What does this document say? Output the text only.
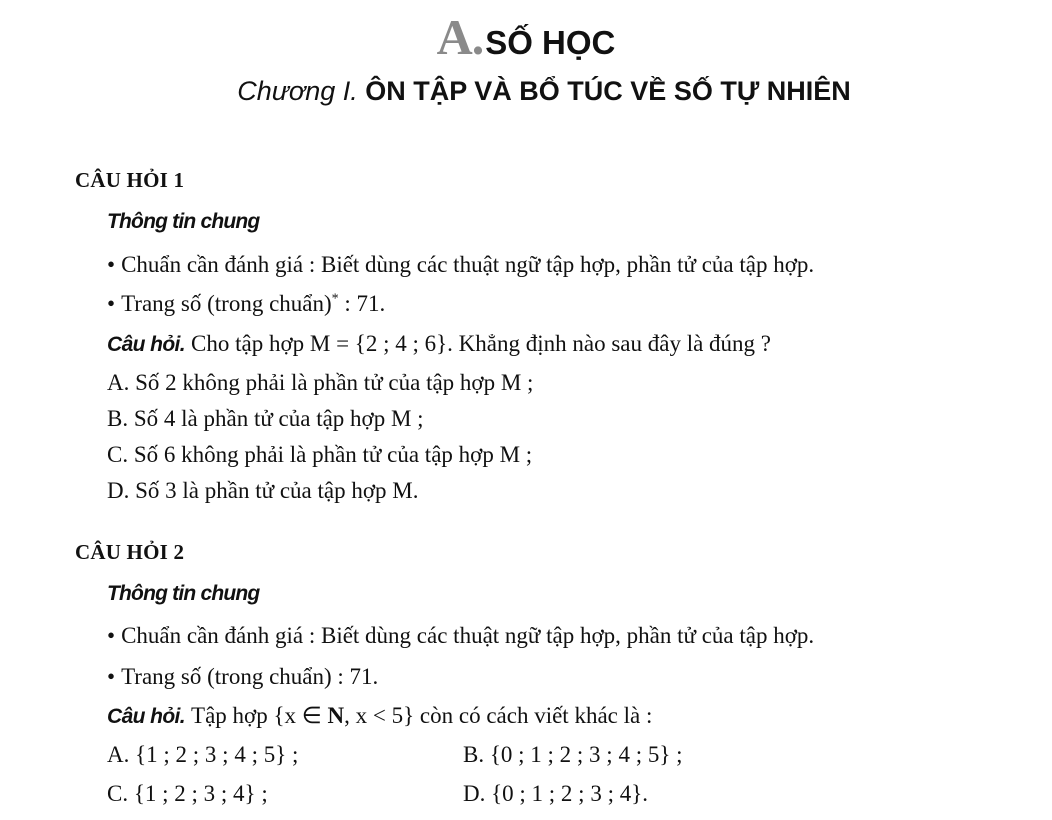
A.SỐ HỌC
Chương I. ÔN TẬP VÀ BỔ TÚC VỀ SỐ TỰ NHIÊN
CÂU HỎI 1
Thông tin chung
• Chuẩn cần đánh giá : Biết dùng các thuật ngữ tập hợp, phần tử của tập hợp.
• Trang số (trong chuẩn)* : 71.
Câu hỏi. Cho tập hợp M = {2 ; 4 ; 6}. Khẳng định nào sau đây là đúng ?
A. Số 2 không phải là phần tử của tập hợp M ;
B. Số 4 là phần tử của tập hợp M ;
C. Số 6 không phải là phần tử của tập hợp M ;
D. Số 3 là phần tử của tập hợp M.
CÂU HỎI 2
Thông tin chung
• Chuẩn cần đánh giá : Biết dùng các thuật ngữ tập hợp, phần tử của tập hợp.
• Trang số (trong chuẩn) : 71.
Câu hỏi. Tập hợp {x ∈ N, x < 5} còn có cách viết khác là :
A. {1 ; 2 ; 3 ; 4 ; 5} ;	B. {0 ; 1 ; 2 ; 3 ; 4 ; 5} ;
C. {1 ; 2 ; 3 ; 4} ;	D. {0 ; 1 ; 2 ; 3 ; 4}.
